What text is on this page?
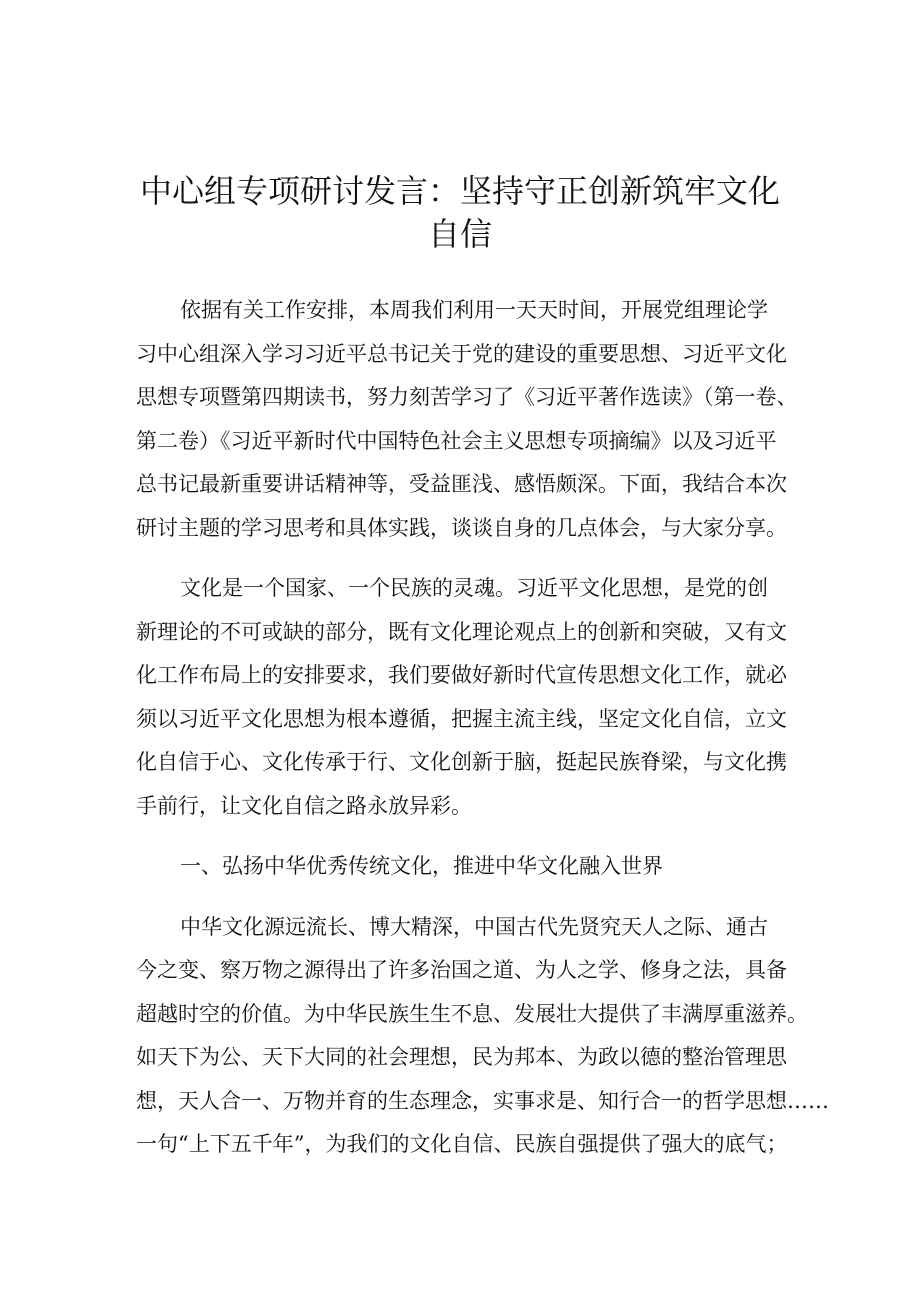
中心组专项研讨发言：坚持守正创新筑牢文化
自信

依据有关工作安排，本周我们利用一天天时间，开展党组理论学
习中心组深入学习习近平总书记关于党的建设的重要思想、习近平文化
思想专项暨第四期读书，努力刻苦学习了《习近平著作选读》（第一卷、
第二卷）《习近平新时代中国特色社会主义思想专项摘编》以及习近平
总书记最新重要讲话精神等，受益匪浅、感悟颇深。下面，我结合本次
研讨主题的学习思考和具体实践，谈谈自身的几点体会，与大家分享。

文化是一个国家、一个民族的灵魂。习近平文化思想，是党的创
新理论的不可或缺的部分，既有文化理论观点上的创新和突破，又有文
化工作布局上的安排要求，我们要做好新时代宣传思想文化工作，就必
须以习近平文化思想为根本遵循，把握主流主线，坚定文化自信，立文
化自信于心、文化传承于行、文化创新于脑，挺起民族脊梁，与文化携
手前行，让文化自信之路永放异彩。

一、弘扬中华优秀传统文化，推进中华文化融入世界

中华文化源远流长、博大精深，中国古代先贤究天人之际、通古
今之变、察万物之源得出了许多治国之道、为人之学、修身之法，具备
超越时空的价值。为中华民族生生不息、发展壮大提供了丰满厚重滋养。
如天下为公、天下大同的社会理想，民为邦本、为政以德的整治管理思
想，天人合一、万物并育的生态理念，实事求是、知行合一的哲学思想……
一句“上下五千年”，为我们的文化自信、民族自强提供了强大的底气；
